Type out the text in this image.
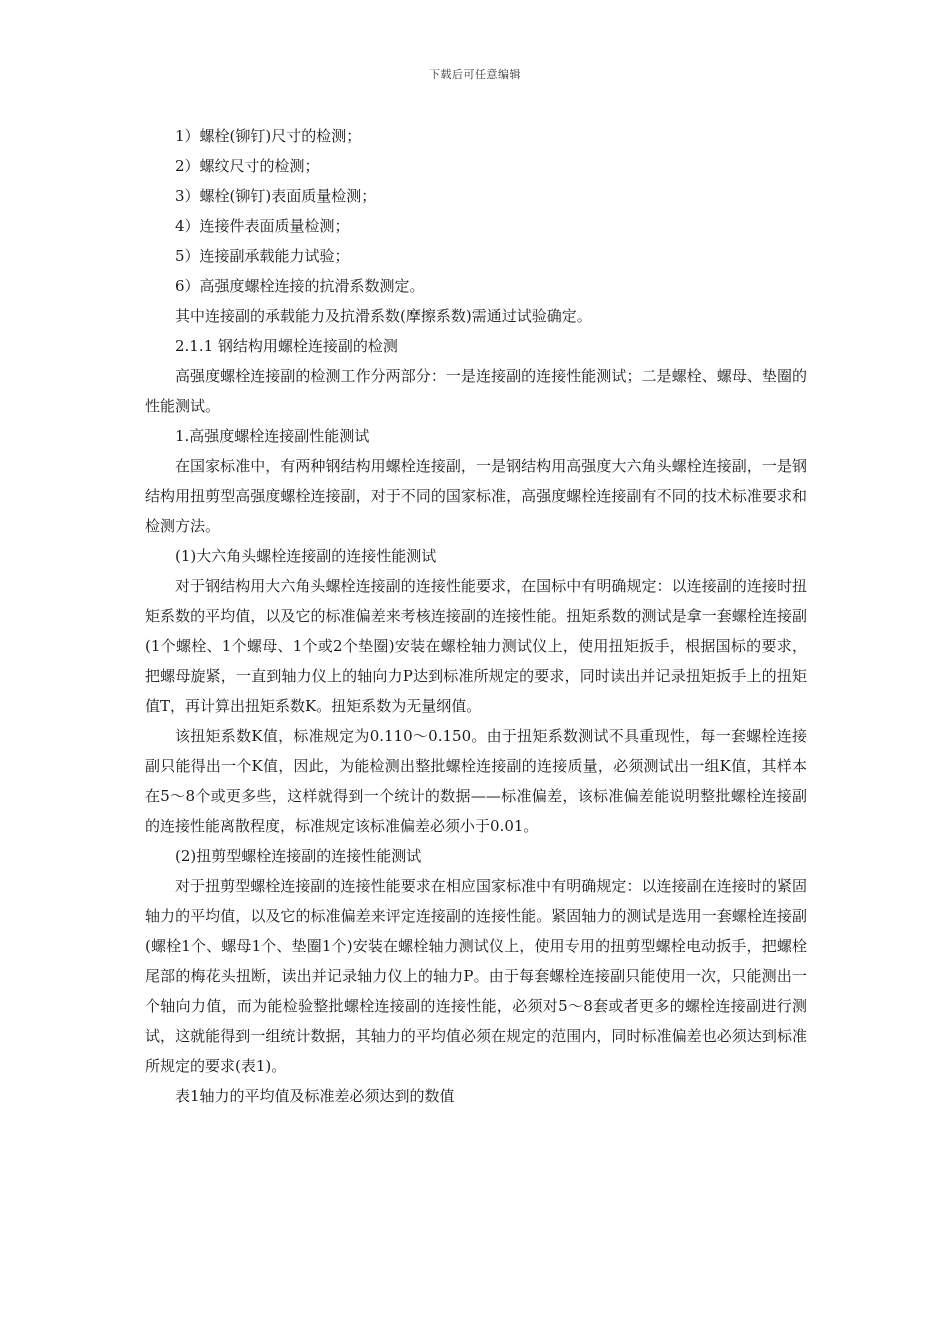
下载后可任意编辑

1）螺栓(铆钉)尺寸的检测；

2）螺纹尺寸的检测；

3）螺栓(铆钉)表面质量检测；

4）连接件表面质量检测；

5）连接副承载能力试验；

6）高强度螺栓连接的抗滑系数测定。

其中连接副的承载能力及抗滑系数(摩擦系数)需通过试验确定。

2.1.1 钢结构用螺栓连接副的检测

高强度螺栓连接副的检测工作分两部分：一是连接副的连接性能测试；二是螺栓、螺母、垫圈的性能测试。

1.高强度螺栓连接副性能测试

在国家标准中，有两种钢结构用螺栓连接副，一是钢结构用高强度大六角头螺栓连接副，一是钢结构用扭剪型高强度螺栓连接副，对于不同的国家标准，高强度螺栓连接副有不同的技术标准要求和检测方法。

(1)大六角头螺栓连接副的连接性能测试

对于钢结构用大六角头螺栓连接副的连接性能要求，在国标中有明确规定：以连接副的连接时扭矩系数的平均值，以及它的标准偏差来考核连接副的连接性能。扭矩系数的测试是拿一套螺栓连接副(1个螺栓、1个螺母、1个或2个垫圈)安装在螺栓轴力测试仪上，使用扭矩扳手，根据国标的要求，把螺母旋紧，一直到轴力仪上的轴向力P达到标准所规定的要求，同时读出并记录扭矩扳手上的扭矩值T，再计算出扭矩系数K。扭矩系数为无量纲值。

该扭矩系数K值，标准规定为0.110～0.150。由于扭矩系数测试不具重现性，每一套螺栓连接副只能得出一个K值，因此，为能检测出整批螺栓连接副的连接质量，必须测试出一组K值，其样本在5～8个或更多些，这样就得到一个统计的数据——标准偏差，该标准偏差能说明整批螺栓连接副的连接性能离散程度，标准规定该标准偏差必须小于0.01。

(2)扭剪型螺栓连接副的连接性能测试

对于扭剪型螺栓连接副的连接性能要求在相应国家标准中有明确规定：以连接副在连接时的紧固轴力的平均值，以及它的标准偏差来评定连接副的连接性能。紧固轴力的测试是选用一套螺栓连接副(螺栓1个、螺母1个、垫圈1个)安装在螺栓轴力测试仪上，使用专用的扭剪型螺栓电动扳手，把螺栓尾部的梅花头扭断，读出并记录轴力仪上的轴力P。由于每套螺栓连接副只能使用一次，只能测出一个轴向力值，而为能检验整批螺栓连接副的连接性能，必须对5～8套或者更多的螺栓连接副进行测试，这就能得到一组统计数据，其轴力的平均值必须在规定的范围内，同时标准偏差也必须达到标准所规定的要求(表1)。

表1轴力的平均值及标准差必须达到的数值
